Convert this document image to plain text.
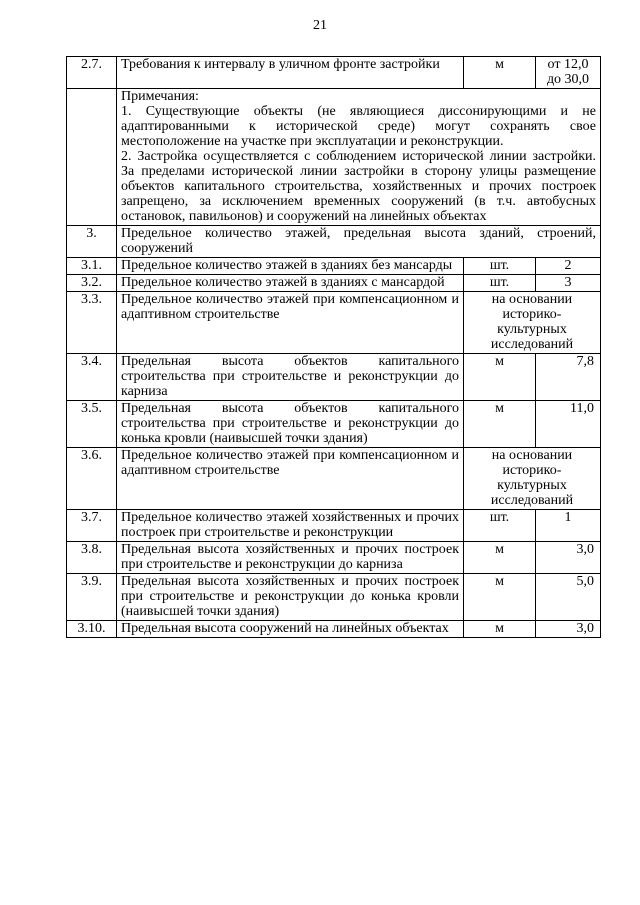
21
2.7.	Требования к интервалу в уличном фронте застройки	м	от 12,0
до 30,0

	Примечания:
1. Существующие объекты (не являющиеся диссонирующими и не адаптированными к исторической среде) могут сохранять свое местоположение на участке при эксплуатации и реконструкции.
2. Застройка осуществляется с соблюдением исторической линии застройки. За пределами исторической линии застройки в сторону улицы размещение объектов капитального строительства, хозяйственных и прочих построек запрещено, за исключением временных сооружений (в т.ч. автобусных остановок, павильонов) и сооружений на линейных объектах		

3.	Предельное количество этажей, предельная высота зданий, строений, сооружений		
3.1.	Предельное количество этажей в зданиях без мансарды	шт.	2
3.2.	Предельное количество этажей в зданиях с мансардой	шт.	3
3.3.	Предельное количество этажей при компенсационном и адаптивном строительстве	на основании
историко-
культурных
исследований	

3.4.	Предельная высота объектов капитального строительства при строительстве и реконструкции до карниза	м	7,8
3.5.	Предельная высота объектов капитального строительства при строительстве и реконструкции до конька кровли (наивысшей точки здания)	м	11,0
3.6.	Предельное количество этажей при компенсационном и адаптивном строительстве	на основании
историко-
культурных
исследований	

3.7.	Предельное количество этажей хозяйственных и прочих построек при строительстве и реконструкции	шт.	1
3.8.	Предельная высота хозяйственных и прочих построек при строительстве и реконструкции до карниза	м	3,0
3.9.	Предельная высота хозяйственных и прочих построек при строительстве и реконструкции до конька кровли (наивысшей точки здания)	м	5,0
3.10.	Предельная высота сооружений на линейных объектах	м	3,0
